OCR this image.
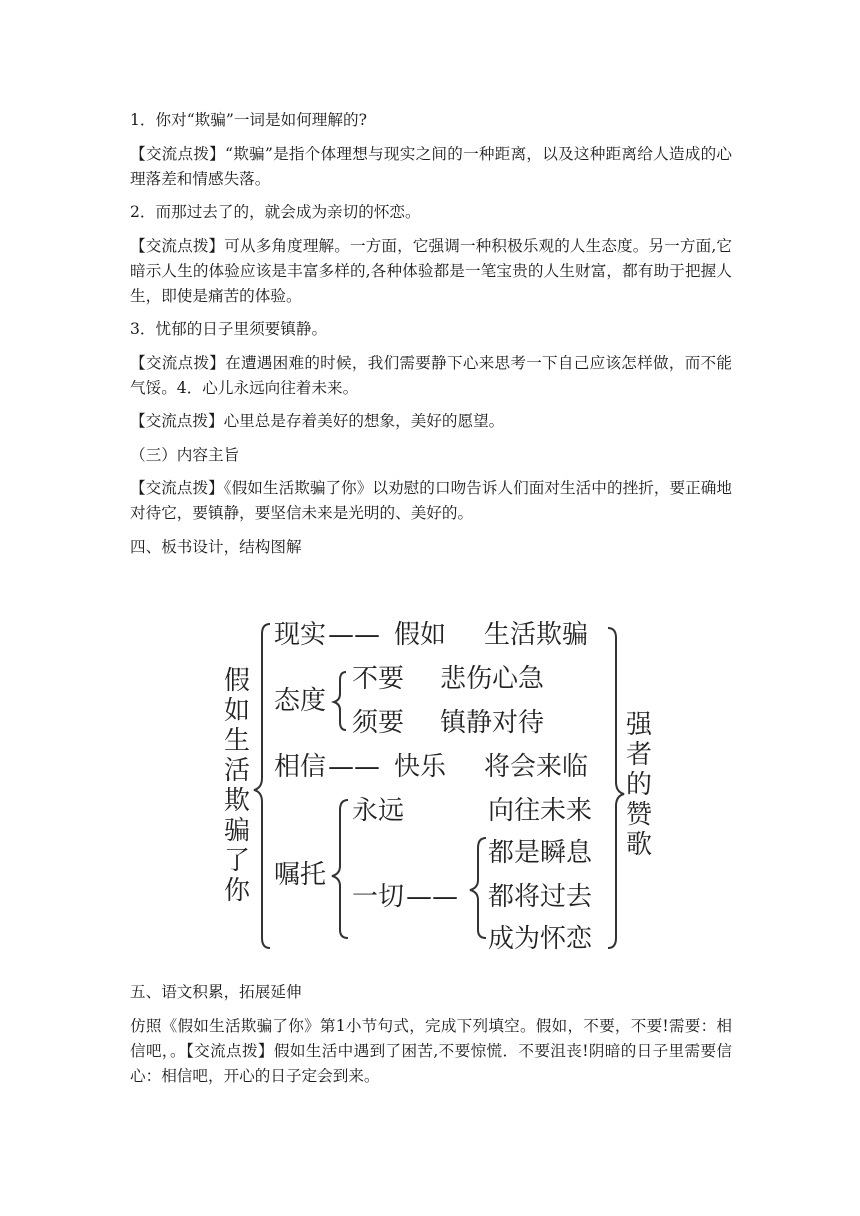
1．你对“欺骗”一词是如何理解的?

【交流点拨】“欺骗”是指个体理想与现实之间的一种距离，以及这种距离给人造成的心理落差和情感失落。

2．而那过去了的，就会成为亲切的怀恋。

【交流点拨】可从多角度理解。一方面，它强调一种积极乐观的人生态度。另一方面,它暗示人生的体验应该是丰富多样的,各种体验都是一笔宝贵的人生财富，都有助于把握人生，即使是痛苦的体验。

3．忧郁的日子里须要镇静。

【交流点拨】在遭遇困难的时候，我们需要静下心来思考一下自己应该怎样做，而不能气馁。4．心儿永远向往着未来。

【交流点拨】心里总是存着美好的想象，美好的愿望。

（三）内容主旨

【交流点拨】《假如生活欺骗了你》以劝慰的口吻告诉人们面对生活中的挫折，要正确地对待它，要镇静，要坚信未来是光明的、美好的。

四、板书设计，结构图解

假如生活欺骗了你
强者的赞歌
现实 —— 假如 生活欺骗
态度
不要 悲伤心急
须要 镇静对待
相信 —— 快乐 将会来临
嘱托
永远	向往未来
一切 ——
都是瞬息
都将过去
成为怀恋

五、语文积累，拓展延伸

仿照《假如生活欺骗了你》第1小节句式，完成下列填空。假如，不要，不要!需要：相信吧，。【交流点拨】假如生活中遇到了困苦,不要惊慌．不要沮丧!阴暗的日子里需要信心：相信吧，开心的日子定会到来。
